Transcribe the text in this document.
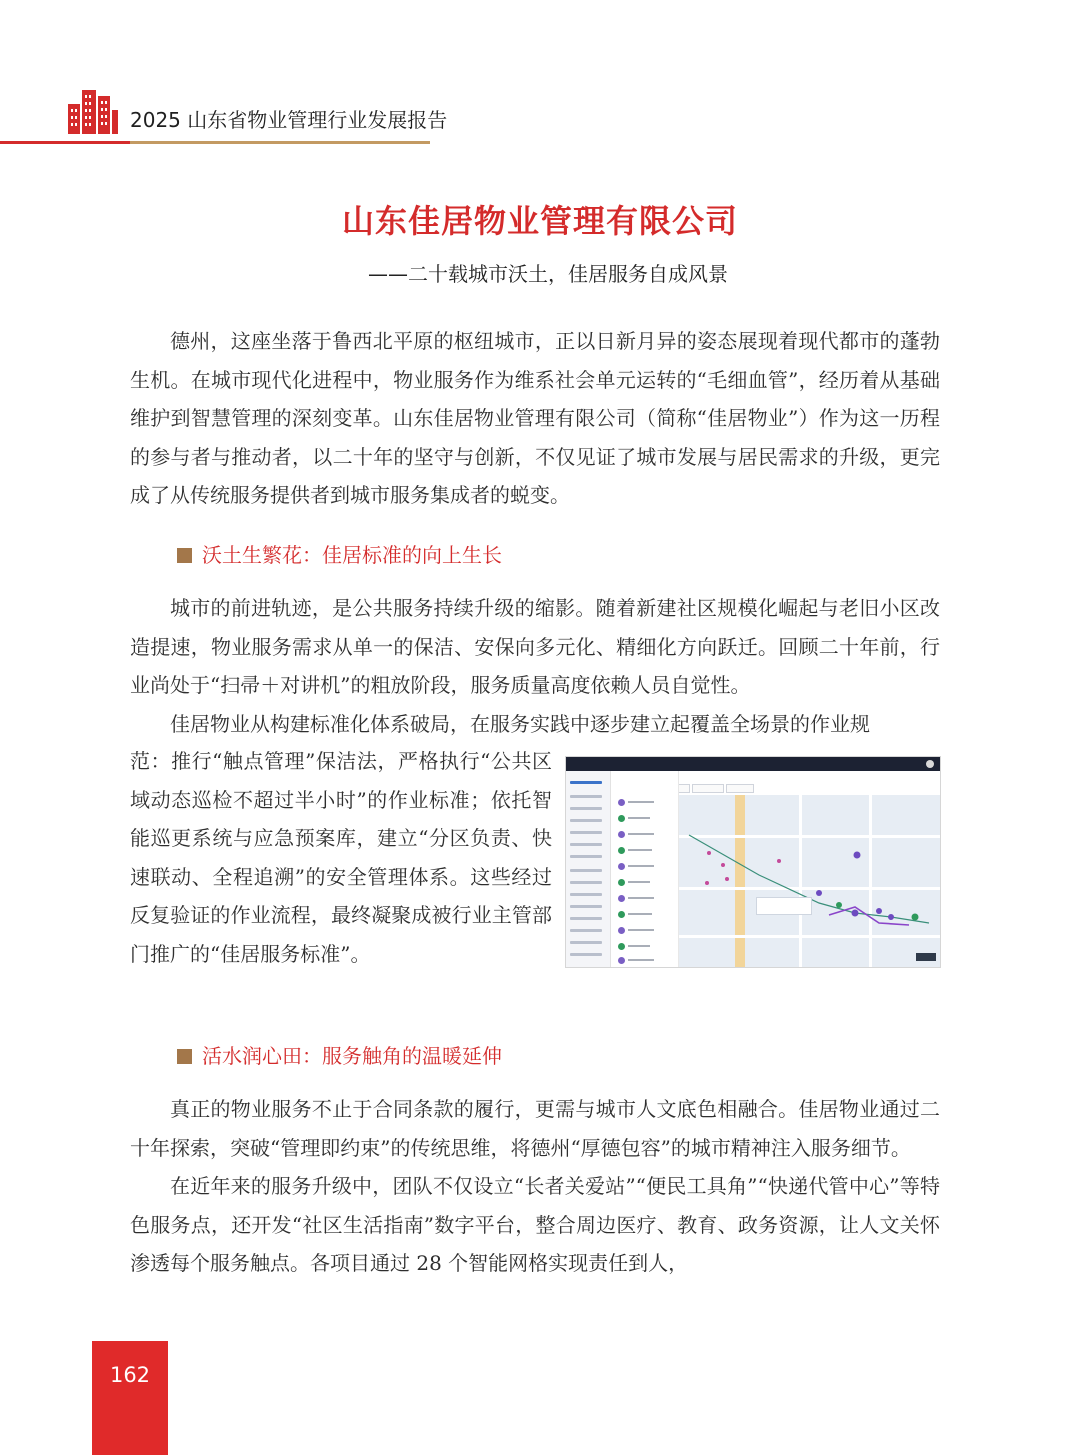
2025 山东省物业管理行业发展报告
山东佳居物业管理有限公司
——二十载城市沃土，佳居服务自成风景

德州，这座坐落于鲁西北平原的枢纽城市，正以日新月异的姿态展现着现代都市的蓬勃生机。在城市现代化进程中，物业服务作为维系社会单元运转的“毛细血管”，经历着从基础维护到智慧管理的深刻变革。山东佳居物业管理有限公司（简称“佳居物业”）作为这一历程的参与者与推动者，以二十年的坚守与创新，不仅见证了城市发展与居民需求的升级，更完成了从传统服务提供者到城市服务集成者的蜕变。

沃土生繁花：佳居标准的向上生长

城市的前进轨迹，是公共服务持续升级的缩影。随着新建社区规模化崛起与老旧小区改造提速，物业服务需求从单一的保洁、安保向多元化、精细化方向跃迁。回顾二十年前，行业尚处于“扫帚＋对讲机”的粗放阶段，服务质量高度依赖人员自觉性。

佳居物业从构建标准化体系破局，在服务实践中逐步建立起覆盖全场景的作业规

范：推行“触点管理”保洁法，严格执行“公共区域动态巡检不超过半小时”的作业标准；依托智能巡更系统与应急预案库，建立“分区负责、快速联动、全程追溯”的安全管理体系。这些经过反复验证的作业流程，最终凝聚成被行业主管部门推广的“佳居服务标准”。
活水润心田：服务触角的温暖延伸

真正的物业服务不止于合同条款的履行，更需与城市人文底色相融合。佳居物业通过二十年探索，突破“管理即约束”的传统思维，将德州“厚德包容”的城市精神注入服务细节。

在近年来的服务升级中，团队不仅设立“长者关爱站”“便民工具角”“快递代管中心”等特色服务点，还开发“社区生活指南”数字平台，整合周边医疗、教育、政务资源，让人文关怀渗透每个服务触点。各项目通过 28 个智能网格实现责任到人，

162
